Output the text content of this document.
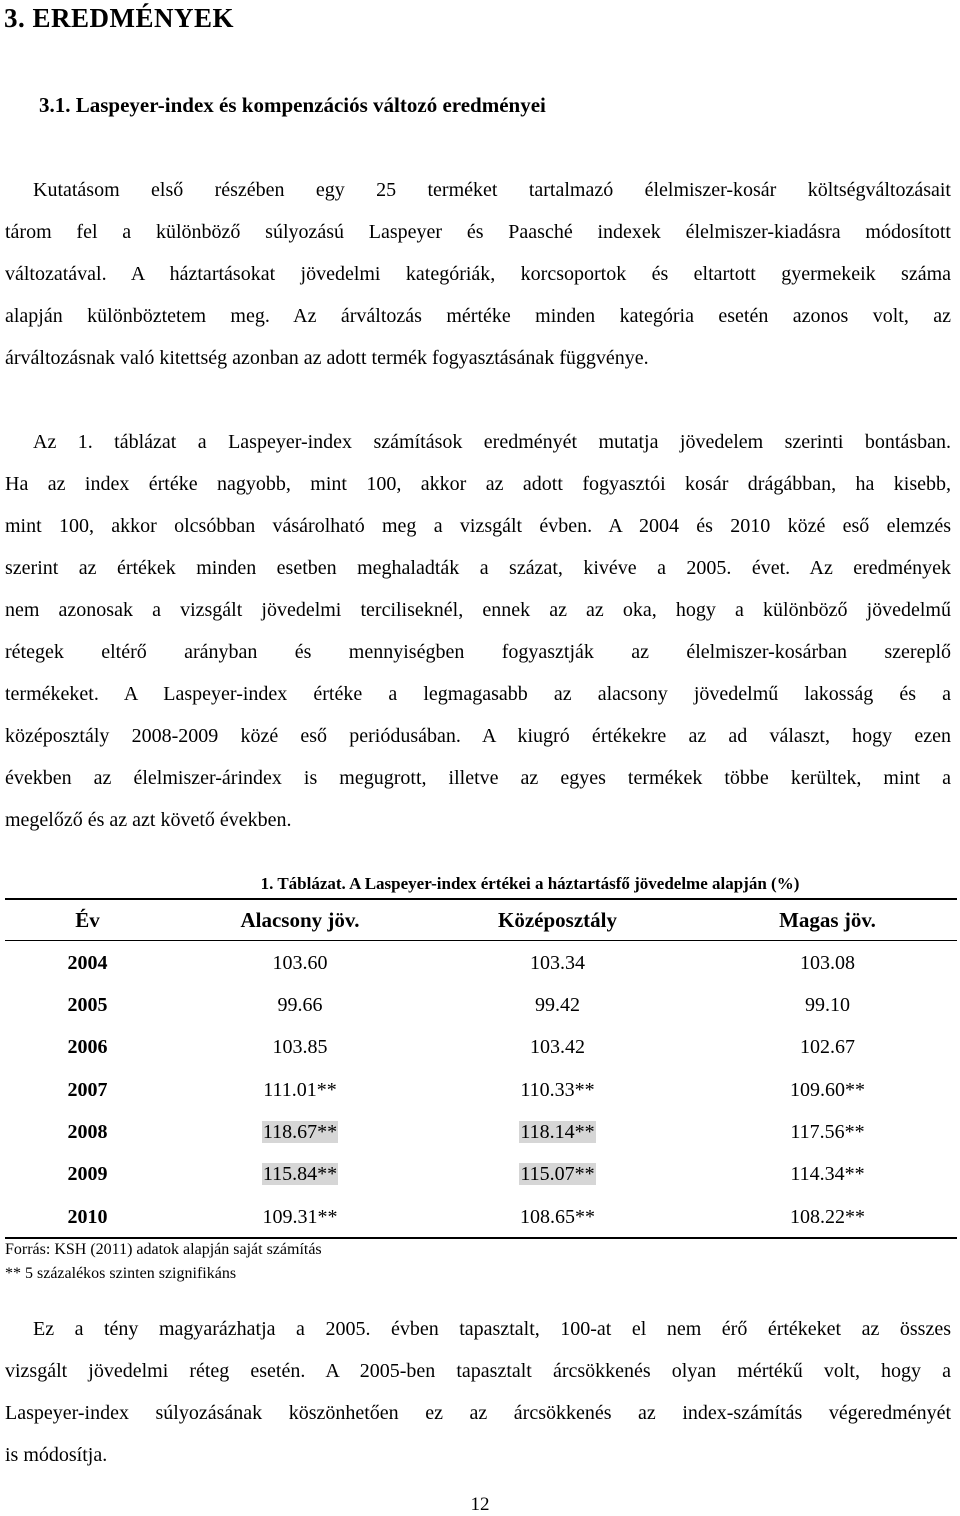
3. EREDMÉNYEK
3.1. Laspeyer-index és kompenzációs változó eredményei
Kutatásom első részében egy 25 terméket tartalmazó élelmiszer-kosár költségváltozásait
tárom fel a különböző súlyozású Laspeyer és Paasché indexek élelmiszer-kiadásra módosított
változatával. A háztartásokat jövedelmi kategóriák, korcsoportok és eltartott gyermekeik száma
alapján különböztetem meg. Az árváltozás mértéke minden kategória esetén azonos volt, az
árváltozásnak való kitettség azonban az adott termék fogyasztásának függvénye.
Az 1. táblázat a Laspeyer-index számítások eredményét mutatja jövedelem szerinti bontásban.
Ha az index értéke nagyobb, mint 100, akkor az adott fogyasztói kosár drágábban, ha kisebb,
mint 100, akkor olcsóbban vásárolható meg a vizsgált évben. A 2004 és 2010 közé eső elemzés
szerint az értékek minden esetben meghaladták a százat, kivéve a 2005. évet. Az eredmények
nem azonosak a vizsgált jövedelmi terciliseknél, ennek az az oka, hogy a különböző jövedelmű
rétegek eltérő arányban és mennyiségben fogyasztják az élelmiszer-kosárban szereplő
termékeket. A Laspeyer-index értéke a legmagasabb az alacsony jövedelmű lakosság és a
középosztály 2008-2009 közé eső periódusában. A kiugró értékekre az ad választ, hogy ezen
években az élelmiszer-árindex is megugrott, illetve az egyes termékek többe kerültek, mint a
megelőző és az azt követő években.
1. Táblázat. A Laspeyer-index értékei a háztartásfő jövedelme alapján (%)
Év	Alacsony jöv.	Középosztály	Magas jöv.
2004	103.60	103.34	103.08
2005	99.66	99.42	99.10
2006	103.85	103.42	102.67
2007	111.01**	110.33**	109.60**
2008	118.67**	118.14**	117.56**
2009	115.84**	115.07**	114.34**
2010	109.31**	108.65**	108.22**
Forrás: KSH (2011) adatok alapján saját számítás
** 5 százalékos szinten szignifikáns
Ez a tény magyarázhatja a 2005. évben tapasztalt, 100-at el nem érő értékeket az összes
vizsgált jövedelmi réteg esetén. A 2005-ben tapasztalt árcsökkenés olyan mértékű volt, hogy a
Laspeyer-index súlyozásának köszönhetően ez az árcsökkenés az index-számítás végeredményét
is módosítja.
12
